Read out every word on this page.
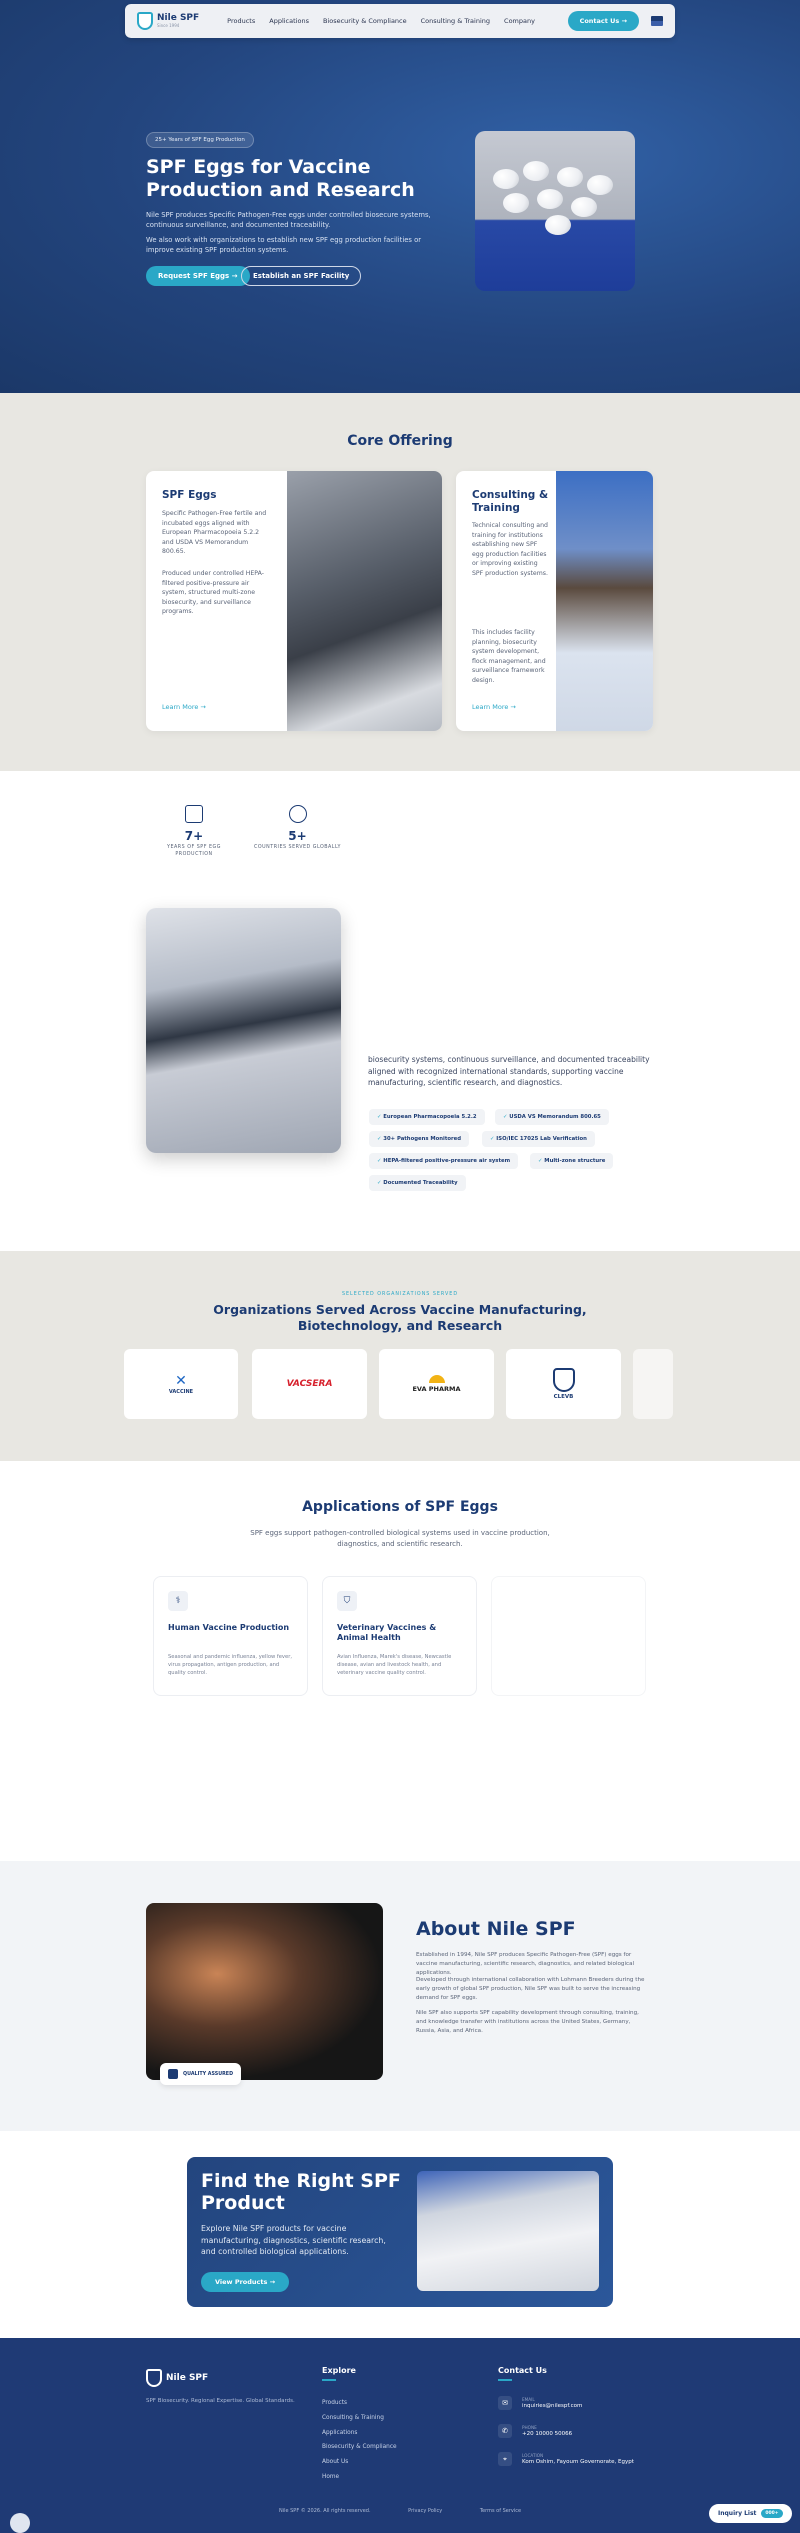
Nile SPF
Since 1994
Products Applications Biosecurity & Compliance Consulting & Training Company	Contact Us →
25+ Years of SPF Egg Production
SPF Eggs for Vaccine Production and Research

Nile SPF produces Specific Pathogen-Free eggs under controlled biosecure systems, continuous surveillance, and documented traceability.

We also work with organizations to establish new SPF egg production facilities or improve existing SPF production systems.

Request SPF Eggs →	Establish an SPF Facility
Core Offering
SPF Eggs
Specific Pathogen-Free fertile and incubated eggs aligned with European Pharmacopoeia 5.2.2 and USDA VS Memorandum 800.65.
Produced under controlled HEPA-filtered positive-pressure air system, structured multi-zone biosecurity, and surveillance programs.
Learn More →
Consulting & Training
Technical consulting and training for institutions establishing new SPF egg production facilities or improving existing SPF production systems.
This includes facility planning, biosecurity system development, flock management, and surveillance framework design.
Learn More →
7+
YEARS OF SPF EGG PRODUCTION
5+
COUNTRIES SERVED GLOBALLY

biosecurity systems, continuous surveillance, and documented traceability aligned with recognized international standards, supporting vaccine manufacturing, scientific research, and diagnostics.

✓ European Pharmacopoeia 5.2.2	✓ USDA VS Memorandum 800.65
✓ 30+ Pathogens Monitored	✓ ISO/IEC 17025 Lab Verification
✓ HEPA-filtered positive-pressure air system	✓ Multi-zone structure
✓ Documented Traceability
SELECTED ORGANIZATIONS SERVED
Organizations Served Across Vaccine Manufacturing, Biotechnology, and Research
✕
VACCINE
VACSERA	EVA PHARMA
CLEVB
Applications of SPF Eggs

SPF eggs support pathogen-controlled biological systems used in vaccine production, diagnostics, and scientific research.

⚕
Human Vaccine Production
Seasonal and pandemic influenza, yellow fever, virus propagation, antigen production, and quality control.
⛉
Veterinary Vaccines & Animal Health
Avian Influenza, Marek's disease, Newcastle disease, avian and livestock health, and veterinary vaccine quality control.
QUALITY ASSURED
About Nile SPF

Established in 1994, Nile SPF produces Specific Pathogen-Free (SPF) eggs for vaccine manufacturing, scientific research, diagnostics, and related biological applications.

Developed through international collaboration with Lohmann Breeders during the early growth of global SPF production, Nile SPF was built to serve the increasing demand for SPF eggs.

Nile SPF also supports SPF capability development through consulting, training, and knowledge transfer with institutions across the United States, Germany, Russia, Asia, and Africa.

Find the Right SPF Product

Explore Nile SPF products for vaccine manufacturing, diagnostics, scientific research, and controlled biological applications.

View Products →
Nile SPF
SPF Biosecurity. Regional Expertise. Global Standards.
Explore
Products
Consulting & Training
Applications
Biosecurity & Compliance
About Us
Home
Contact Us
✉	EMAIL
inquiries@nilespf.com
✆	PHONE
+20 10000 50066
⌖	LOCATION
Kom Oshim, Fayoum Governorate, Egypt
Nile SPF © 2026. All rights reserved.	Privacy Policy	Terms of Service	Inquiry List	000+
